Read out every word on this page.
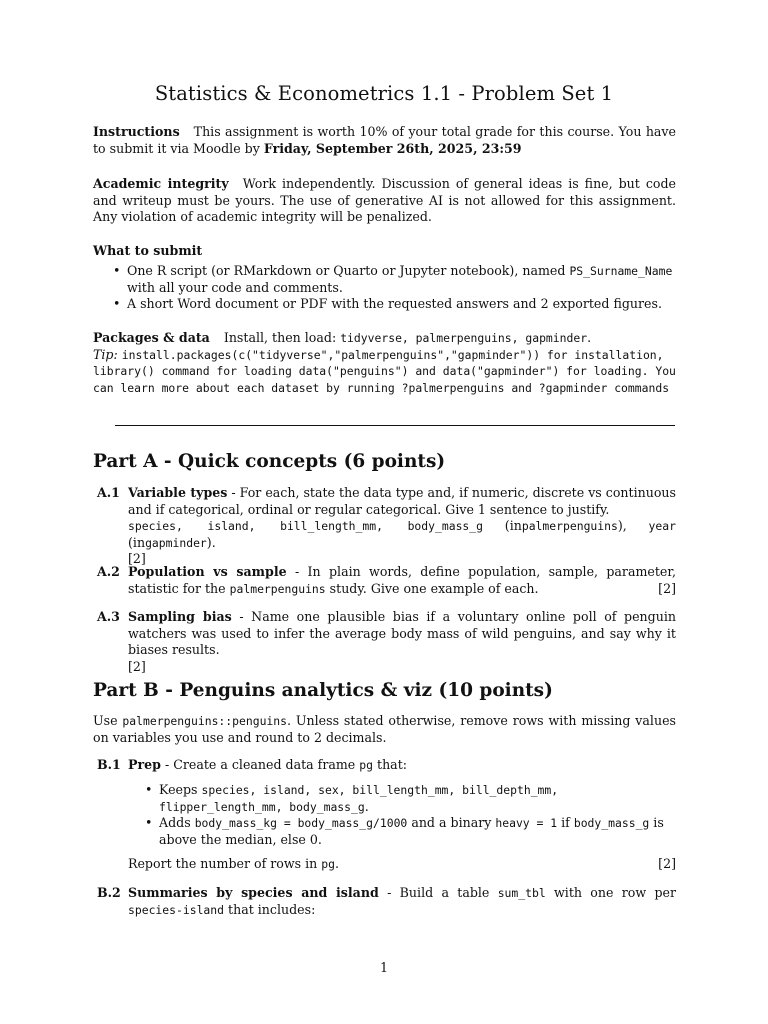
Statistics & Econometrics 1.1 - Problem Set 1
Instructions This assignment is worth 10% of your total grade for this course. You have to submit it via Moodle by Friday, September 26th, 2025, 23:59
Academic integrity Work independently. Discussion of general ideas is fine, but code and writeup must be yours. The use of generative AI is not allowed for this assignment. Any violation of academic integrity will be penalized.
What to submit
• One R script (or RMarkdown or Quarto or Jupyter notebook), named PS_Surname_Name with all your code and comments.
• A short Word document or PDF with the requested answers and 2 exported figures.
Packages & data Install, then load: tidyverse, palmerpenguins, gapminder.
Tip: install.packages(c("tidyverse","palmerpenguins","gapminder")) for installation, library() command for loading data("penguins") and data("gapminder") for loading. You can learn more about each dataset by running ?palmerpenguins and ?gapminder commands
Part A - Quick concepts (6 points)
A.1 Variable types - For each, state the data type and, if numeric, discrete vs continuous and if categorical, ordinal or regular categorical. Give 1 sentence to justify.
species, island, bill_length_mm, body_mass_g (inpalmerpenguins), year (ingapminder).
[2]
A.2 Population vs sample - In plain words, define population, sample, parameter, statistic for the palmerpenguins study. Give one example of each.	[2]
A.3 Sampling bias - Name one plausible bias if a voluntary online poll of penguin watchers was used to infer the average body mass of wild penguins, and say why it biases results.
[2]
Part B - Penguins analytics & viz (10 points)
Use palmerpenguins::penguins. Unless stated otherwise, remove rows with missing values on variables you use and round to 2 decimals.
B.1 Prep - Create a cleaned data frame pg that:
• Keeps species, island, sex, bill_length_mm, bill_depth_mm, flipper_length_mm, body_mass_g.
• Adds body_mass_kg = body_mass_g/1000 and a binary heavy = 1 if body_mass_g is above the median, else 0.
Report the number of rows in pg.	[2]
B.2 Summaries by species and island - Build a table sum_tbl with one row per species-island that includes:
1
